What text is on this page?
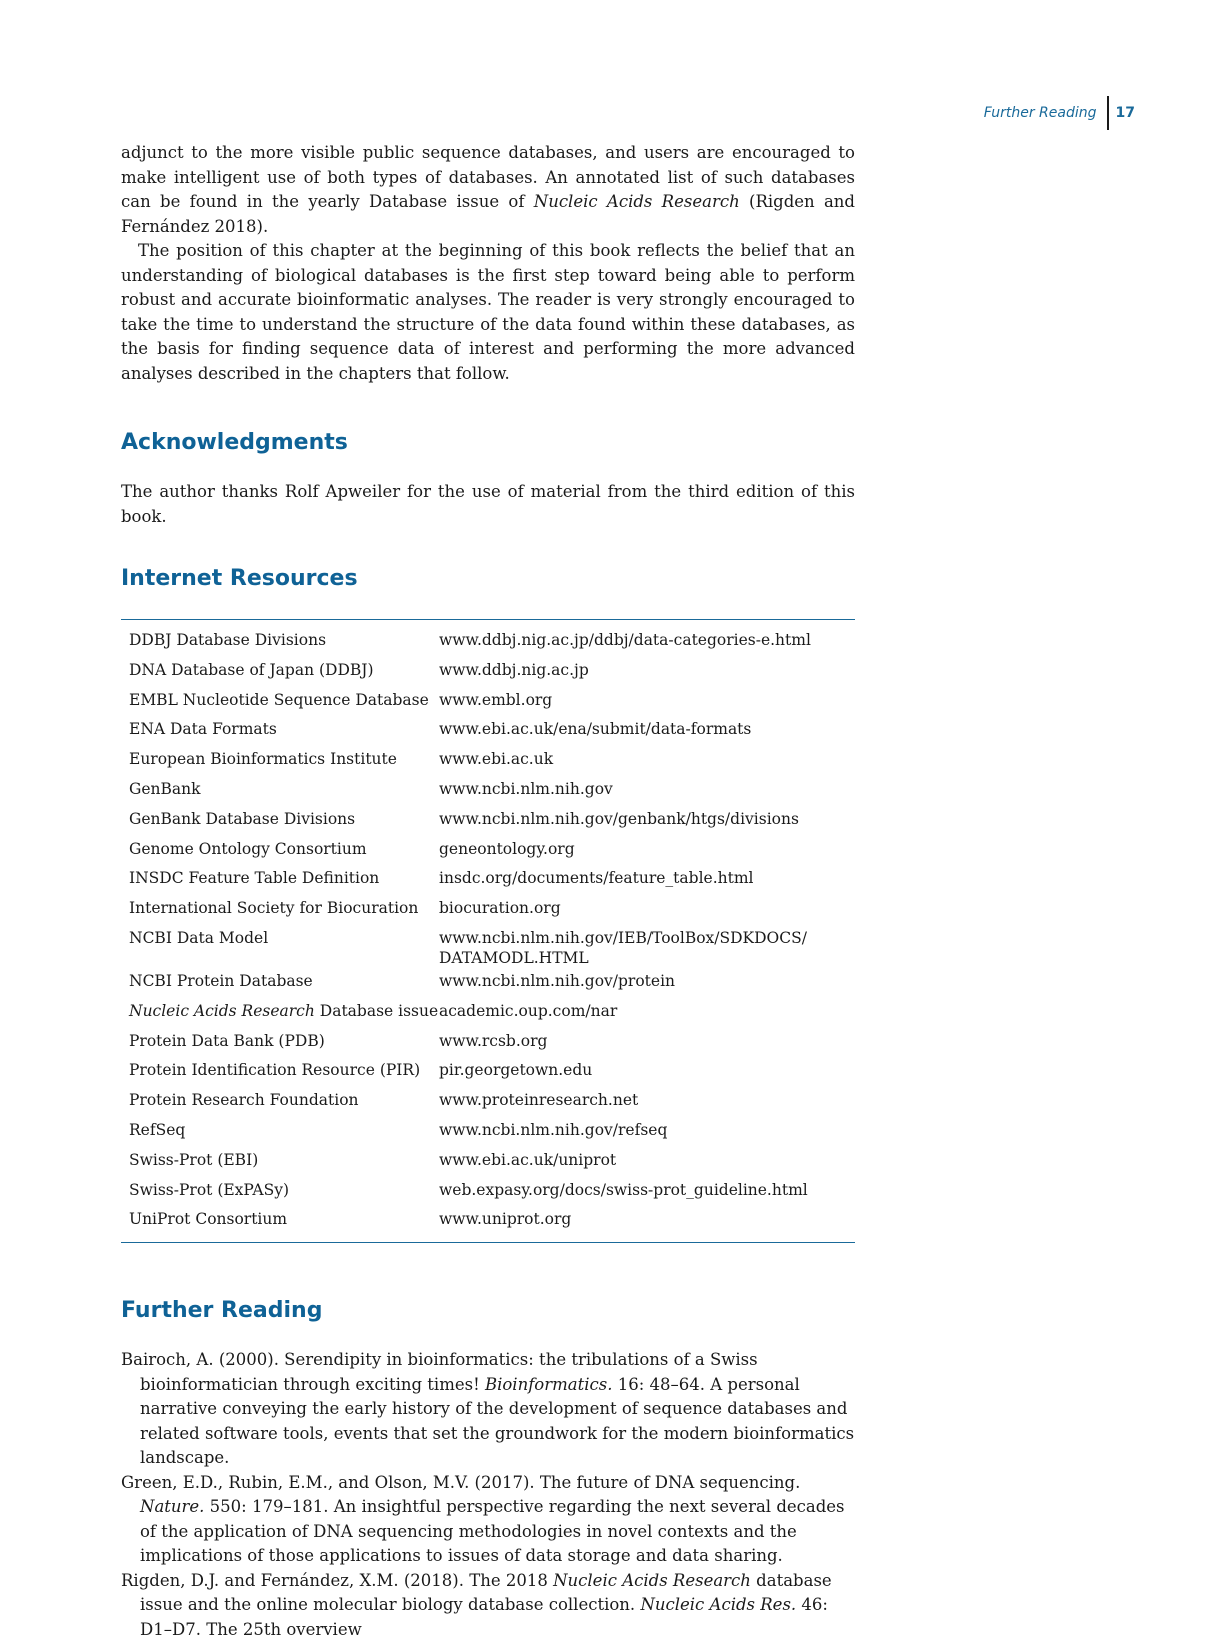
Further Reading	17

adjunct to the more visible public sequence databases, and users are encouraged to make intelligent use of both types of databases. An annotated list of such databases can be found in the yearly Database issue of Nucleic Acids Research (Rigden and Fernández 2018).

The position of this chapter at the beginning of this book reflects the belief that an understanding of biological databases is the first step toward being able to perform robust and accurate bioinformatic analyses. The reader is very strongly encouraged to take the time to understand the structure of the data found within these databases, as the basis for finding sequence data of interest and performing the more advanced analyses described in the chapters that follow.

Acknowledgments

The author thanks Rolf Apweiler for the use of material from the third edition of this book.

Internet Resources
DDBJ Database Divisions	www.ddbj.nig.ac.jp/ddbj/data-categories-e.html
DNA Database of Japan (DDBJ)	www.ddbj.nig.ac.jp
EMBL Nucleotide Sequence Database	www.embl.org
ENA Data Formats	www.ebi.ac.uk/ena/submit/data-formats
European Bioinformatics Institute	www.ebi.ac.uk
GenBank	www.ncbi.nlm.nih.gov
GenBank Database Divisions	www.ncbi.nlm.nih.gov/genbank/htgs/divisions
Genome Ontology Consortium	geneontology.org
INSDC Feature Table Definition	insdc.org/documents/feature_table.html
International Society for Biocuration	biocuration.org
NCBI Data Model	www.ncbi.nlm.nih.gov/IEB/ToolBox/SDKDOCS/
DATAMODL.HTML
NCBI Protein Database	www.ncbi.nlm.nih.gov/protein
Nucleic Acids Research Database issue	academic.oup.com/nar
Protein Data Bank (PDB)	www.rcsb.org
Protein Identification Resource (PIR)	pir.georgetown.edu
Protein Research Foundation	www.proteinresearch.net
RefSeq	www.ncbi.nlm.nih.gov/refseq
Swiss-Prot (EBI)	www.ebi.ac.uk/uniprot
Swiss-Prot (ExPASy)	web.expasy.org/docs/swiss-prot_guideline.html
UniProt Consortium	www.uniprot.org
Further Reading

Bairoch, A. (2000). Serendipity in bioinformatics: the tribulations of a Swiss bioinformatician through exciting times! Bioinformatics. 16: 48–64. A personal narrative conveying the early history of the development of sequence databases and related software tools, events that set the groundwork for the modern bioinformatics landscape.

Green, E.D., Rubin, E.M., and Olson, M.V. (2017). The future of DNA sequencing. Nature. 550: 179–181. An insightful perspective regarding the next several decades of the application of DNA sequencing methodologies in novel contexts and the implications of those applications to issues of data storage and data sharing.

Rigden, D.J. and Fernández, X.M. (2018). The 2018 Nucleic Acids Research database issue and the online molecular biology database collection. Nucleic Acids Res. 46: D1–D7. The 25th overview
